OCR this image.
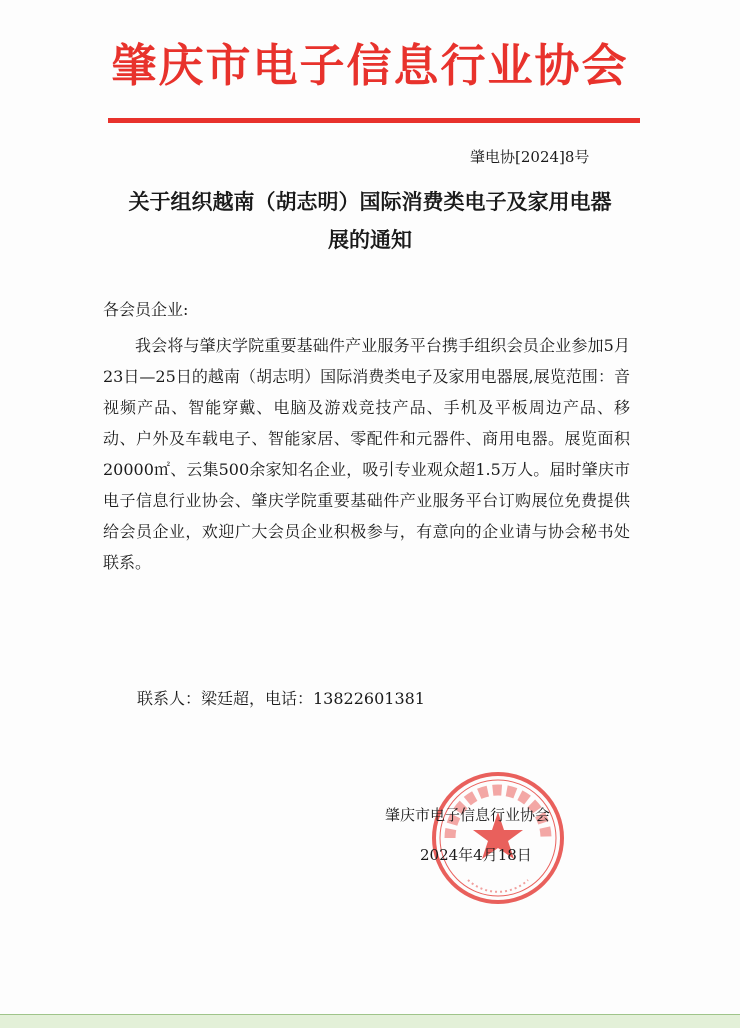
肇庆市电子信息行业协会
肇电协[2024]8号
关于组织越南（胡志明）国际消费类电子及家用电器
展的通知
各会员企业:

我会将与肇庆学院重要基础件产业服务平台携手组织会员企业参加5月23日—25日的越南（胡志明）国际消费类电子及家用电器展,展览范围：音视频产品、智能穿戴、电脑及游戏竞技产品、手机及平板周边产品、移动、户外及车载电子、智能家居、零配件和元器件、商用电器。展览面积20000㎡、云集500余家知名企业，吸引专业观众超1.5万人。届时肇庆市电子信息行业协会、肇庆学院重要基础件产业服务平台订购展位免费提供给会员企业，欢迎广大会员企业积极参与，有意向的企业请与协会秘书处联系。

联系人：梁廷超，电话：13822601381
肇庆市电子信息行业协会
2024年4月18日
